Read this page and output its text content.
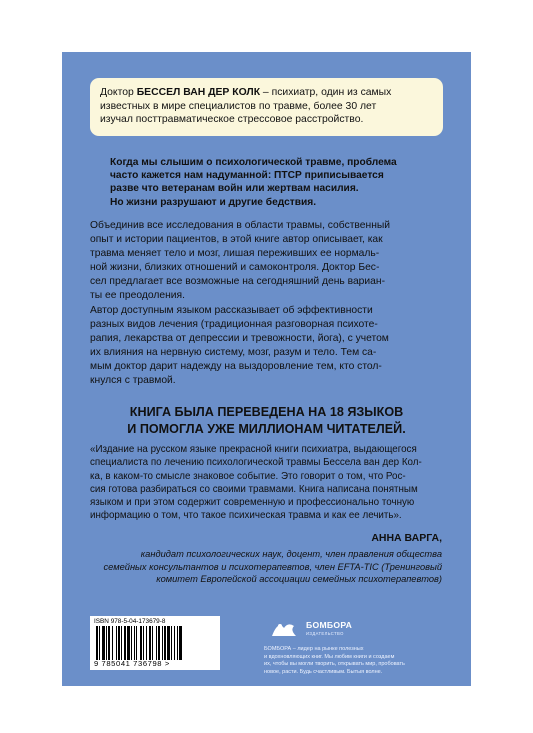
Доктор БЕССЕЛ ВАН ДЕР КОЛК – психиатр, один из самых
известных в мире специалистов по травме, более 30 лет
изучал посттравматическое стрессовое расстройство.
Когда мы слышим о психологической травме, проблема
часто кажется нам надуманной: ПТСР приписывается
разве что ветеранам войн или жертвам насилия.
Но жизни разрушают и другие бедствия.
Объединив все исследования в области травмы, собственный
опыт и истории пациентов, в этой книге автор описывает, как
травма меняет тело и мозг, лишая переживших ее нормаль-
ной жизни, близких отношений и самоконтроля. Доктор Бес-
сел предлагает все возможные на сегодняшний день вариан-
ты ее преодоления.
Автор доступным языком рассказывает об эффективности
разных видов лечения (традиционная разговорная психоте-
рапия, лекарства от депрессии и тревожности, йога), с учетом
их влияния на нервную систему, мозг, разум и тело. Тем са-
мым доктор дарит надежду на выздоровление тем, кто стол-
кнулся с травмой.
КНИГА БЫЛА ПЕРЕВЕДЕНА НА 18 ЯЗЫКОВ
И ПОМОГЛА УЖЕ МИЛЛИОНАМ ЧИТАТЕЛЕЙ.
«Издание на русском языке прекрасной книги психиатра, выдающегося
специалиста по лечению психологической травмы Бессела ван дер Кол-
ка, в каком-то смысле знаковое событие. Это говорит о том, что Рос-
сия готова разбираться со своими травмами. Книга написана понятным
языком и при этом содержит современную и профессионально точную
информацию о том, что такое психическая травма и как ее лечить».
АННА ВАРГА,
кандидат психологических наук, доцент, член правления общества
семейных консультантов и психотерапевтов, член EFTA-TIC (Тренинговый
комитет Европейской ассоциации семейных психотерапевтов)
ISBN 978-5-04-173679-8
9 785041 736798 >
БОМБОРА
ИЗДАТЕЛЬСТВО
БОМБОРА – лидер на рынке полезных
и вдохновляющих книг. Мы любим книги и создаем
их, чтобы вы могли творить, открывать мир, пробовать
новое, расти. Будь счастливым. Бытыя волне.
